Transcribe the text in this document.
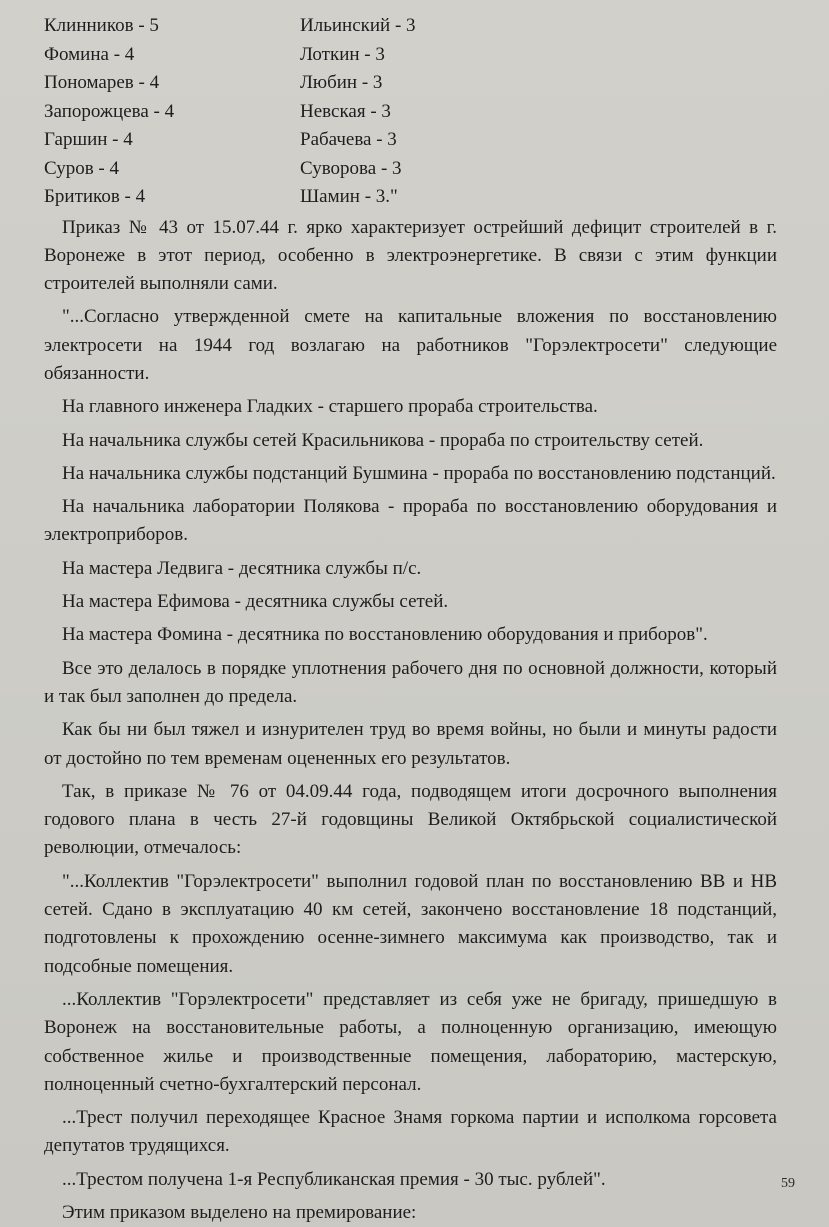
Клинников - 5
Фомина - 4
Пономарев - 4
Запорожцева - 4
Гаршин - 4
Суров - 4
Бритиков - 4
Ильинский - 3
Лоткин - 3
Любин - 3
Невская - 3
Рабачева - 3
Суворова - 3
Шамин - 3."

Приказ № 43 от 15.07.44 г. ярко характеризует острейший дефицит строителей в г. Воронеже в этот период, особенно в электроэнергетике. В связи с этим функции строителей выполняли сами.

"...Согласно утвержденной смете на капитальные вложения по восстановлению электросети на 1944 год возлагаю на работников "Горэлектросети" следующие обязанности.

На главного инженера Гладких - старшего прораба строительства.

На начальника службы сетей Красильникова - прораба по строительству сетей.

На начальника службы подстанций Бушмина - прораба по восстановлению подстанций.

На начальника лаборатории Полякова - прораба по восстановлению оборудования и электроприборов.

На мастера Ледвига - десятника службы п/с.

На мастера Ефимова - десятника службы сетей.

На мастера Фомина - десятника по восстановлению оборудования и приборов".

Все это делалось в порядке уплотнения рабочего дня по основной должности, который и так был заполнен до предела.

Как бы ни был тяжел и изнурителен труд во время войны, но были и минуты радости от достойно по тем временам оцененных его результатов.

Так, в приказе № 76 от 04.09.44 года, подводящем итоги досрочного выполнения годового плана в честь 27-й годовщины Великой Октябрьской социалистической революции, отмечалось:

"...Коллектив "Горэлектросети" выполнил годовой план по восстановлению ВВ и НВ сетей. Сдано в эксплуатацию 40 км сетей, закончено восстановление 18 подстанций, подготовлены к прохождению осенне-зимнего максимума как производство, так и подсобные помещения.

...Коллектив "Горэлектросети" представляет из себя уже не бригаду, пришедшую в Воронеж на восстановительные работы, а полноценную организацию, имеющую собственное жилье и производственные помещения, лабораторию, мастерскую, полноценный счетно-бухгалтерский персонал.

...Трест получил переходящее Красное Знамя горкома партии и исполкома горсовета депутатов трудящихся.

...Трестом получена 1-я Республиканская премия - 30 тыс. рублей".

Этим приказом выделено на премирование:

59
